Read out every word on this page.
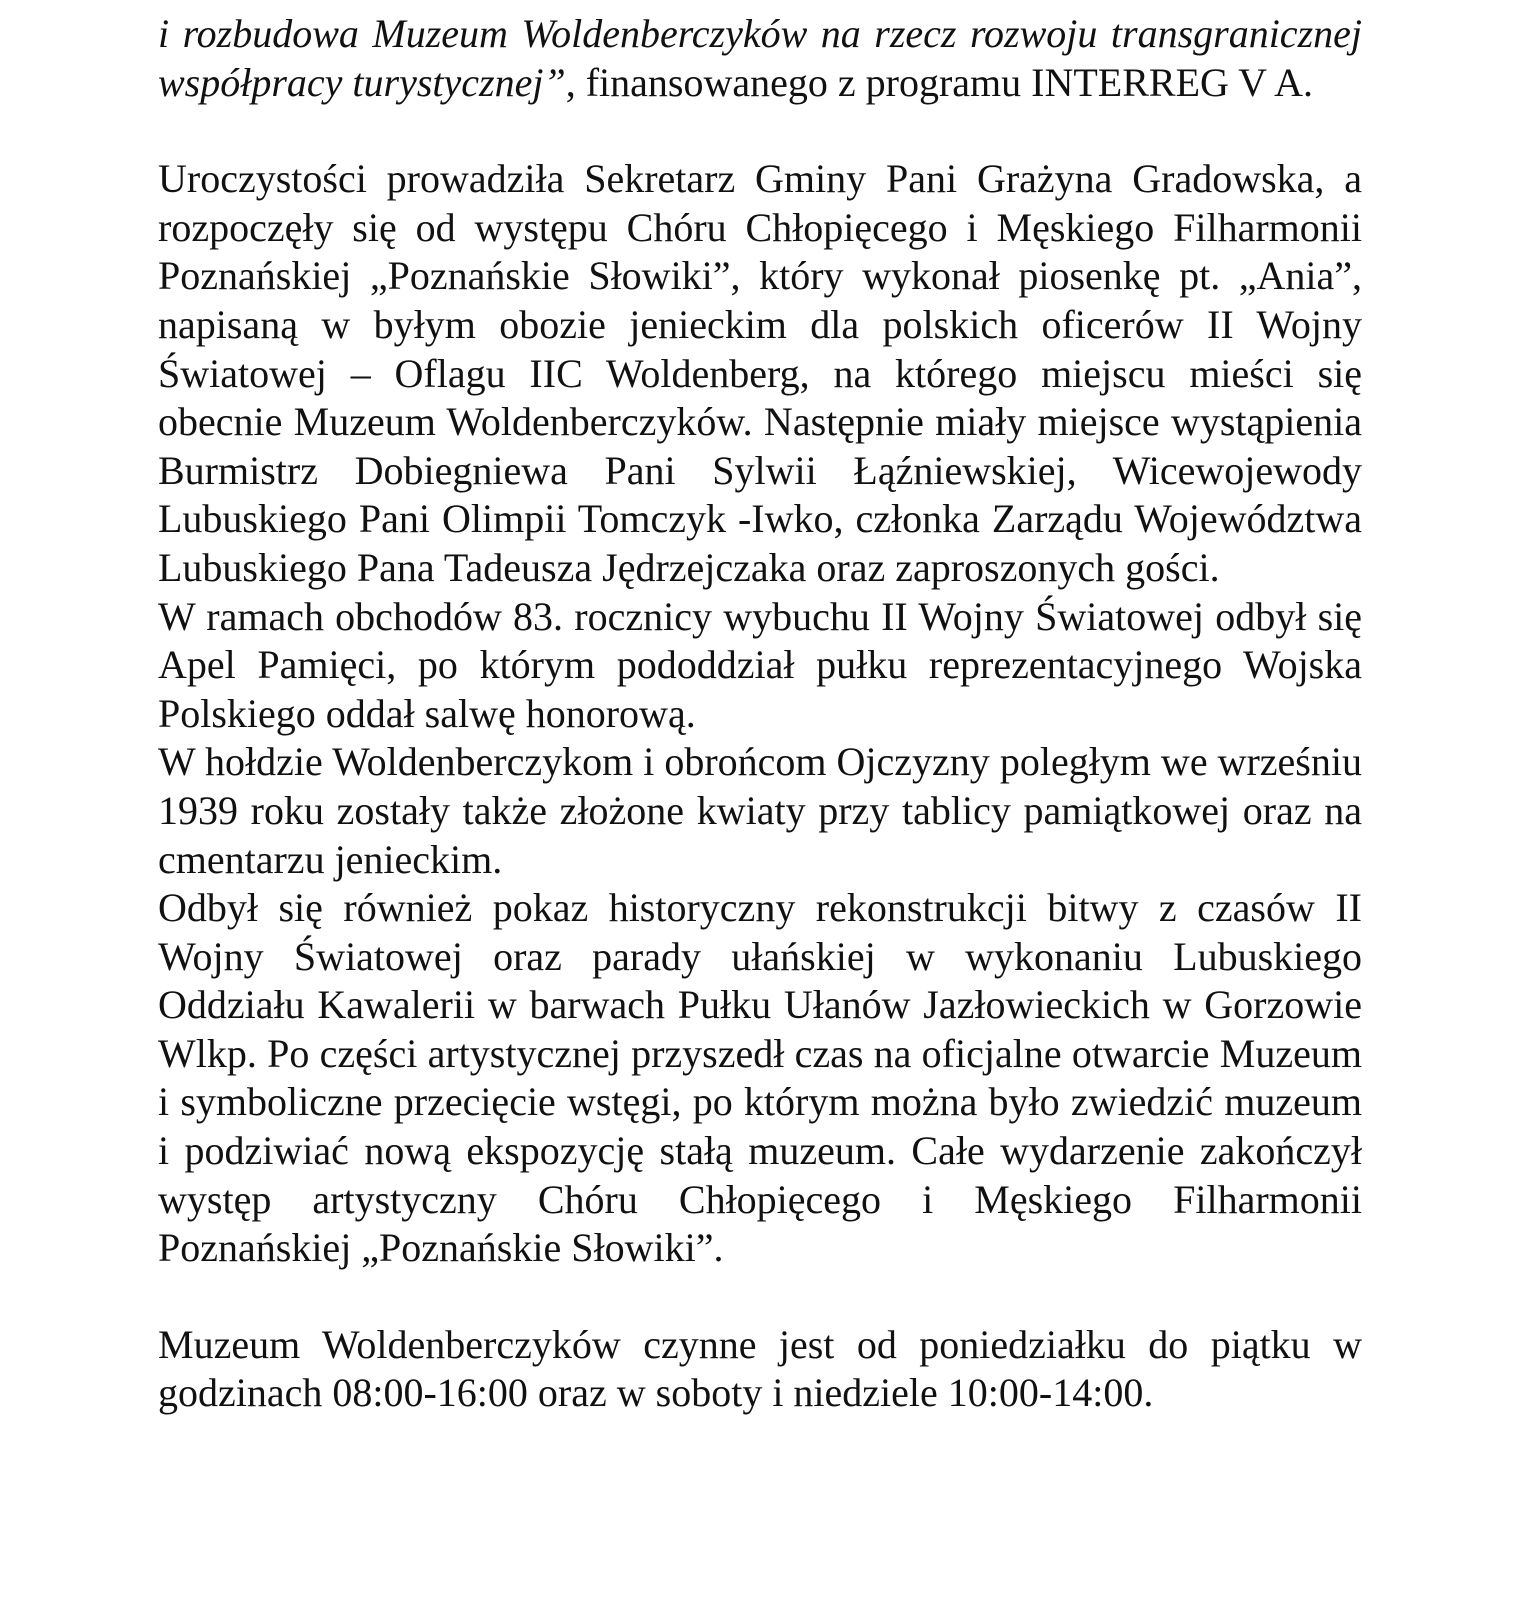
i rozbudowa Muzeum Woldenberczyków na rzecz rozwoju transgranicznej współpracy turystycznej”, finansowanego z programu INTERREG V A.

Uroczystości prowadziła Sekretarz Gminy Pani Grażyna Gradowska, a rozpoczęły się od występu Chóru Chłopięcego i Męskiego Filharmonii Poznańskiej „Poznańskie Słowiki”, który wykonał piosenkę pt. „Ania”, napisaną w byłym obozie jenieckim dla polskich oficerów II Wojny Światowej – Oflagu IIC Woldenberg, na którego miejscu mieści się obecnie Muzeum Woldenberczyków. Następnie miały miejsce wystąpienia Burmistrz Dobiegniewa Pani Sylwii Łąźniewskiej, Wicewojewody Lubuskiego Pani Olimpii Tomczyk -Iwko, członka Zarządu Województwa Lubuskiego Pana Tadeusza Jędrzejczaka oraz zaproszonych gości.

W ramach obchodów 83. rocznicy wybuchu II Wojny Światowej odbył się Apel Pamięci, po którym pododdział pułku reprezentacyjnego Wojska Polskiego oddał salwę honorową.

W hołdzie Woldenberczykom i obrońcom Ojczyzny poległym we wrześniu 1939 roku zostały także złożone kwiaty przy tablicy pamiątkowej oraz na cmentarzu jenieckim.

Odbył się również pokaz historyczny rekonstrukcji bitwy z czasów II Wojny Światowej oraz parady ułańskiej w wykonaniu Lubuskiego Oddziału Kawalerii w barwach Pułku Ułanów Jazłowieckich w Gorzowie Wlkp. Po części artystycznej przyszedł czas na oficjalne otwarcie Muzeum i symboliczne przecięcie wstęgi, po którym można było zwiedzić muzeum i podziwiać nową ekspozycję stałą muzeum. Całe wydarzenie zakończył występ artystyczny Chóru Chłopięcego i Męskiego Filharmonii Poznańskiej „Poznańskie Słowiki”.

Muzeum Woldenberczyków czynne jest od poniedziałku do piątku w godzinach 08:00-16:00 oraz w soboty i niedziele 10:00-14:00.
